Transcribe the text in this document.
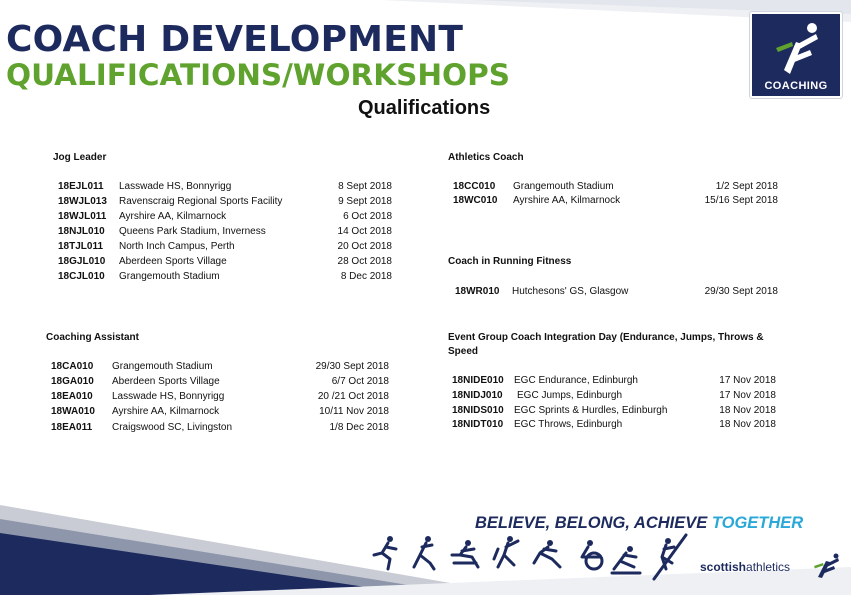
COACH DEVELOPMENT
QUALIFICATIONS/WORKSHOPS
Qualifications
COACHING
Jog Leader
18EJL011 Lasswade HS, Bonnyrigg	8 Sept 2018
18WJL013 Ravenscraig Regional Sports Facility	9 Sept 2018
18WJL011 Ayrshire AA, Kilmarnock	6 Oct 2018
18NJL010 Queens Park Stadium, Inverness	14 Oct 2018
18TJL011 North Inch Campus, Perth	20 Oct 2018
18GJL010 Aberdeen Sports Village	28 Oct 2018
18CJL010 Grangemouth Stadium	8 Dec 2018
Coaching Assistant
18CA010 Grangemouth Stadium	29/30 Sept 2018
18GA010 Aberdeen Sports Village	6/7 Oct 2018
18EA010 Lasswade HS, Bonnyrigg	20 /21 Oct 2018
18WA010 Ayrshire AA, Kilmarnock	10/11 Nov 2018
18EA011 Craigswood SC, Livingston	1/8 Dec 2018
Athletics Coach
18CC010 Grangemouth Stadium	1/2 Sept 2018
18WC010 Ayrshire AA, Kilmarnock	15/16 Sept 2018
Coach in Running Fitness
18WR010 Hutchesons' GS, Glasgow	29/30 Sept 2018
Event Group Coach Integration Day (Endurance, Jumps, Throws &
Speed
18NIDE010 EGC Endurance, Edinburgh	17 Nov 2018
18NIDJ010 EGC Jumps, Edinburgh	17 Nov 2018
18NIDS010 EGC Sprints & Hurdles, Edinburgh	18 Nov 2018
18NIDT010 EGC Throws, Edinburgh	18 Nov 2018
BELIEVE, BELONG, ACHIEVE TOGETHER
scottishathletics
